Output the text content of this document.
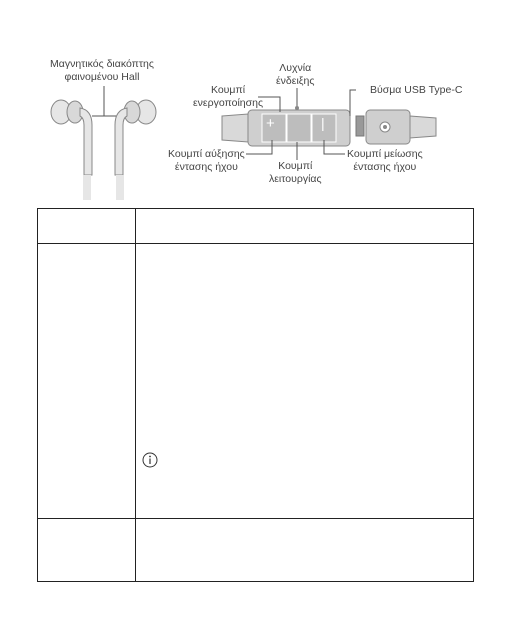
Μαγνητικός διακόπτης
φαινομένου Hall
Λυχνία
ένδειξης
Κουμπί
ενεργοποίησης
Βύσμα USB Type-C
Κουμπί αύξησης
έντασης ήχου	Κουμπί
λειτουργίας
Κουμπί μείωσης
έντασης ήχου
+	|
